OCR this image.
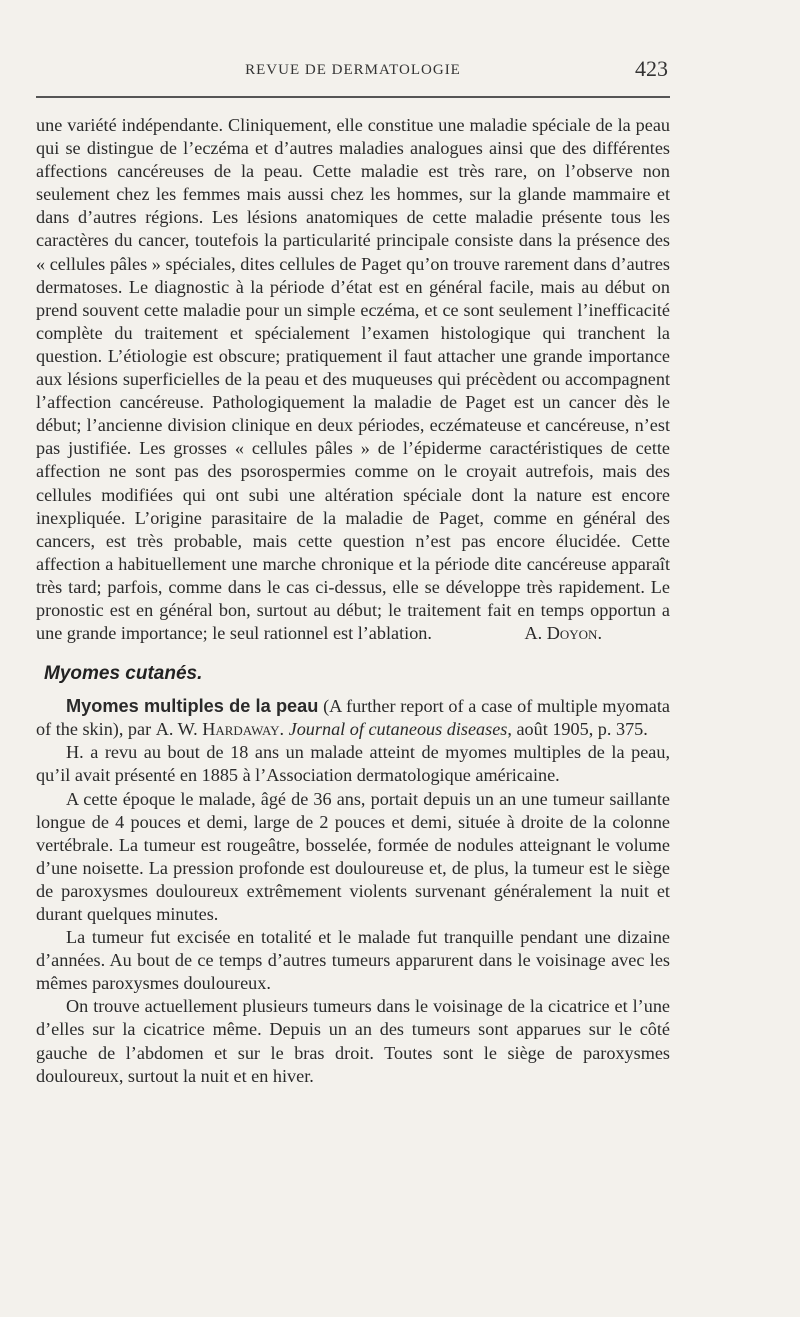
REVUE DE DERMATOLOGIE	423

une variété indépendante. Cliniquement, elle constitue une maladie spéciale de la peau qui se distingue de l’eczéma et d’autres maladies analogues ainsi que des différentes affections cancéreuses de la peau. Cette maladie est très rare, on l’observe non seulement chez les femmes mais aussi chez les hommes, sur la glande mammaire et dans d’autres régions. Les lésions anatomiques de cette maladie présente tous les caractères du cancer, toutefois la particularité principale consiste dans la présence des « cellules pâles » spéciales, dites cellules de Paget qu’on trouve rarement dans d’autres dermatoses. Le diagnostic à la période d’état est en général facile, mais au début on prend souvent cette maladie pour un simple eczéma, et ce sont seulement l’inefficacité complète du traitement et spécialement l’examen histologique qui tranchent la question. L’étiologie est obscure; pratiquement il faut attacher une grande importance aux lésions superficielles de la peau et des muqueuses qui précèdent ou accompagnent l’affection cancéreuse. Pathologiquement la maladie de Paget est un cancer dès le début; l’ancienne division clinique en deux périodes, eczémateuse et cancéreuse, n’est pas justifiée. Les grosses « cellules pâles » de l’épiderme caractéristiques de cette affection ne sont pas des psorospermies comme on le croyait autrefois, mais des cellules modifiées qui ont subi une altération spéciale dont la nature est encore inexpliquée. L’origine parasitaire de la maladie de Paget, comme en général des cancers, est très probable, mais cette question n’est pas encore élucidée. Cette affection a habituellement une marche chronique et la période dite cancéreuse apparaît très tard; parfois, comme dans le cas ci-dessus, elle se développe très rapidement. Le pronostic est en général bon, surtout au début; le traitement fait en temps opportun a une grande importance; le seul rationnel est l’ablation.	A. Doyon.

Myomes cutanés.

Myomes multiples de la peau (A further report of a case of multiple myomata of the skin), par A. W. Hardaway. Journal of cutaneous diseases, août 1905, p. 375.

H. a revu au bout de 18 ans un malade atteint de myomes multiples de la peau, qu’il avait présenté en 1885 à l’Association dermatologique américaine.

A cette époque le malade, âgé de 36 ans, portait depuis un an une tumeur saillante longue de 4 pouces et demi, large de 2 pouces et demi, située à droite de la colonne vertébrale. La tumeur est rougeâtre, bosselée, formée de nodules atteignant le volume d’une noisette. La pression profonde est douloureuse et, de plus, la tumeur est le siège de paroxysmes douloureux extrêmement violents survenant généralement la nuit et durant quelques minutes.

La tumeur fut excisée en totalité et le malade fut tranquille pendant une dizaine d’années. Au bout de ce temps d’autres tumeurs apparurent dans le voisinage avec les mêmes paroxysmes douloureux.

On trouve actuellement plusieurs tumeurs dans le voisinage de la cicatrice et l’une d’elles sur la cicatrice même. Depuis un an des tumeurs sont apparues sur le côté gauche de l’abdomen et sur le bras droit. Toutes sont le siège de paroxysmes douloureux, surtout la nuit et en hiver.
